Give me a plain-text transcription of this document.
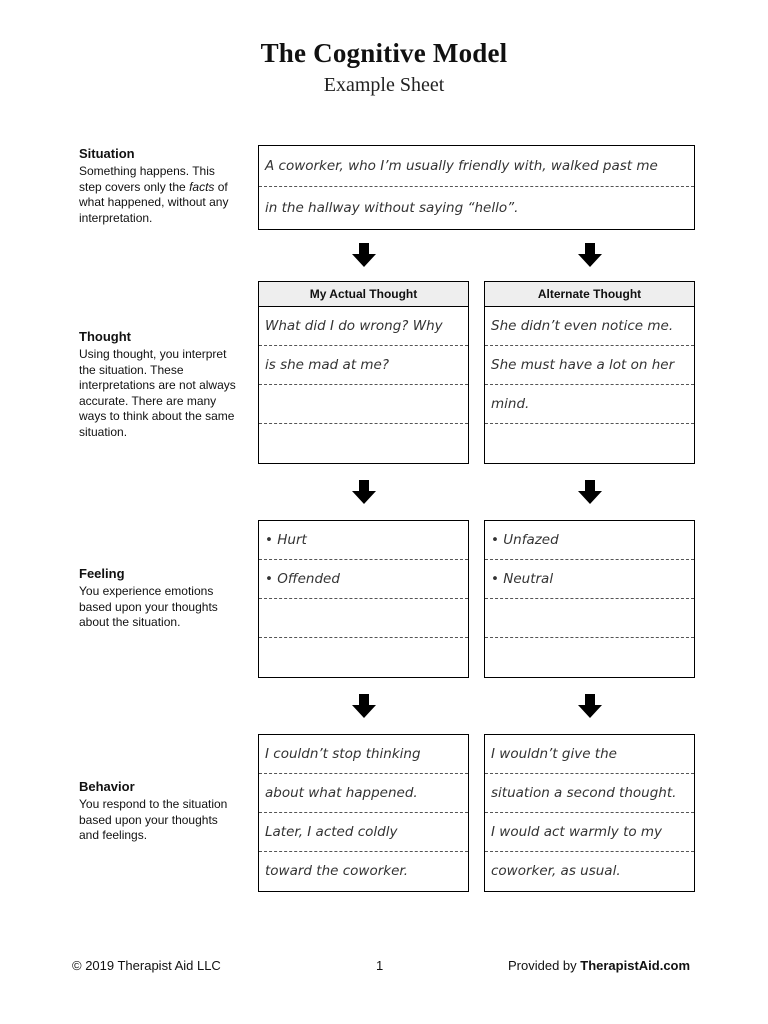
The Cognitive Model
Example Sheet
Situation
Something happens. This step covers only the facts of what happened, without any interpretation.
Thought
Using thought, you interpret the situation. These interpretations are not always accurate. There are many ways to think about the same situation.
Feeling
You experience emotions based upon your thoughts about the situation.
Behavior
You respond to the situation based upon your thoughts and feelings.
A coworker, who I’m usually friendly with, walked past me
in the hallway without saying “hello”.
My Actual Thought
What did I do wrong? Why
is she mad at me?
Alternate Thought
She didn’t even notice me.
She must have a lot on her
mind.
• Hurt
• Offended
• Unfazed
• Neutral
I couldn’t stop thinking
about what happened.
Later, I acted coldly
toward the coworker.
I wouldn’t give the
situation a second thought.
I would act warmly to my
coworker, as usual.
© 2019 Therapist Aid LLC	1	Provided by TherapistAid.com
